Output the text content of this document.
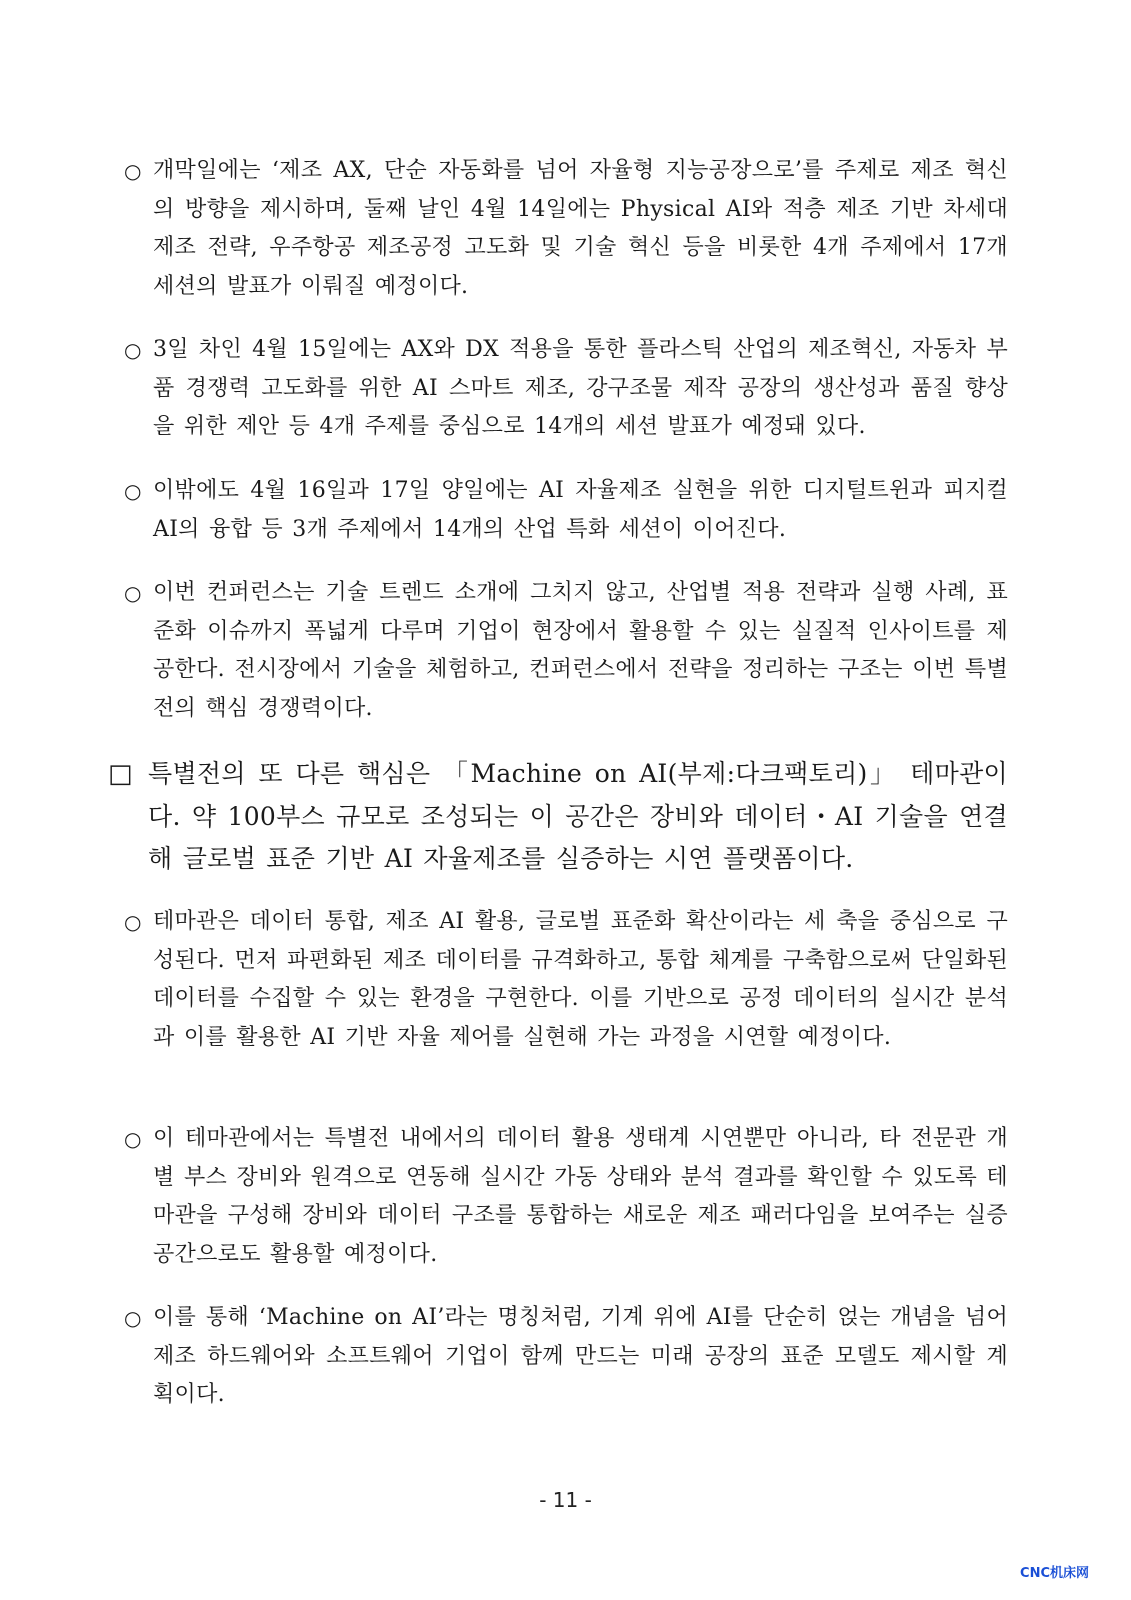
○ 개막일에는 ‘제조 AX, 단순 자동화를 넘어 자율형 지능공장으로’를 주제로 제조 혁신의 방향을 제시하며, 둘째 날인 4월 14일에는 Physical AI와 적층 제조 기반 차세대 제조 전략, 우주항공 제조공정 고도화 및 기술 혁신 등을 비롯한 4개 주제에서 17개 세션의 발표가 이뤄질 예정이다.
○ 3일 차인 4월 15일에는 AX와 DX 적용을 통한 플라스틱 산업의 제조혁신, 자동차 부품 경쟁력 고도화를 위한 AI 스마트 제조, 강구조물 제작 공장의 생산성과 품질 향상을 위한 제안 등 4개 주제를 중심으로 14개의 세션 발표가 예정돼 있다.
○ 이밖에도 4월 16일과 17일 양일에는 AI 자율제조 실현을 위한 디지털트윈과 피지컬 AI의 융합 등 3개 주제에서 14개의 산업 특화 세션이 이어진다.
○ 이번 컨퍼런스는 기술 트렌드 소개에 그치지 않고, 산업별 적용 전략과 실행 사례, 표준화 이슈까지 폭넓게 다루며 기업이 현장에서 활용할 수 있는 실질적 인사이트를 제공한다. 전시장에서 기술을 체험하고, 컨퍼런스에서 전략을 정리하는 구조는 이번 특별전의 핵심 경쟁력이다.
□ 특별전의 또 다른 핵심은 「Machine on AI(부제:다크팩토리)」 테마관이다. 약 100부스 규모로 조성되는 이 공간은 장비와 데이터・AI 기술을 연결해 글로벌 표준 기반 AI 자율제조를 실증하는 시연 플랫폼이다.
○ 테마관은 데이터 통합, 제조 AI 활용, 글로벌 표준화 확산이라는 세 축을 중심으로 구성된다. 먼저 파편화된 제조 데이터를 규격화하고, 통합 체계를 구축함으로써 단일화된 데이터를 수집할 수 있는 환경을 구현한다. 이를 기반으로 공정 데이터의 실시간 분석과 이를 활용한 AI 기반 자율 제어를 실현해 가는 과정을 시연할 예정이다.
○ 이 테마관에서는 특별전 내에서의 데이터 활용 생태계 시연뿐만 아니라, 타 전문관 개별 부스 장비와 원격으로 연동해 실시간 가동 상태와 분석 결과를 확인할 수 있도록 테마관을 구성해 장비와 데이터 구조를 통합하는 새로운 제조 패러다임을 보여주는 실증 공간으로도 활용할 예정이다.
○ 이를 통해 ‘Machine on AI’라는 명칭처럼, 기계 위에 AI를 단순히 얹는 개념을 넘어 제조 하드웨어와 소프트웨어 기업이 함께 만드는 미래 공장의 표준 모델도 제시할 계획이다.
- 11 -
CNC机床网
